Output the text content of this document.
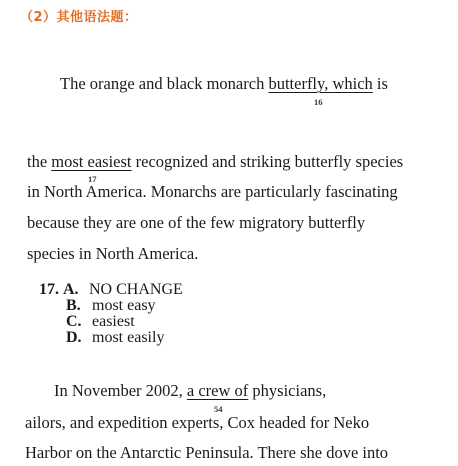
（2）其他语法题：
The orange and black monarch butterfly, which is
16
the most easiest recognized and striking butterfly species
17
in North America. Monarchs are particularly fascinating
because they are one of the few migratory butterfly
species in North America.
17. A. NO CHANGE
B. most easy
C. easiest
D. most easily
In November 2002, a crew of physicians,
54
ailors, and expedition experts, Cox headed for Neko
Harbor on the Antarctic Peninsula. There she dove into
